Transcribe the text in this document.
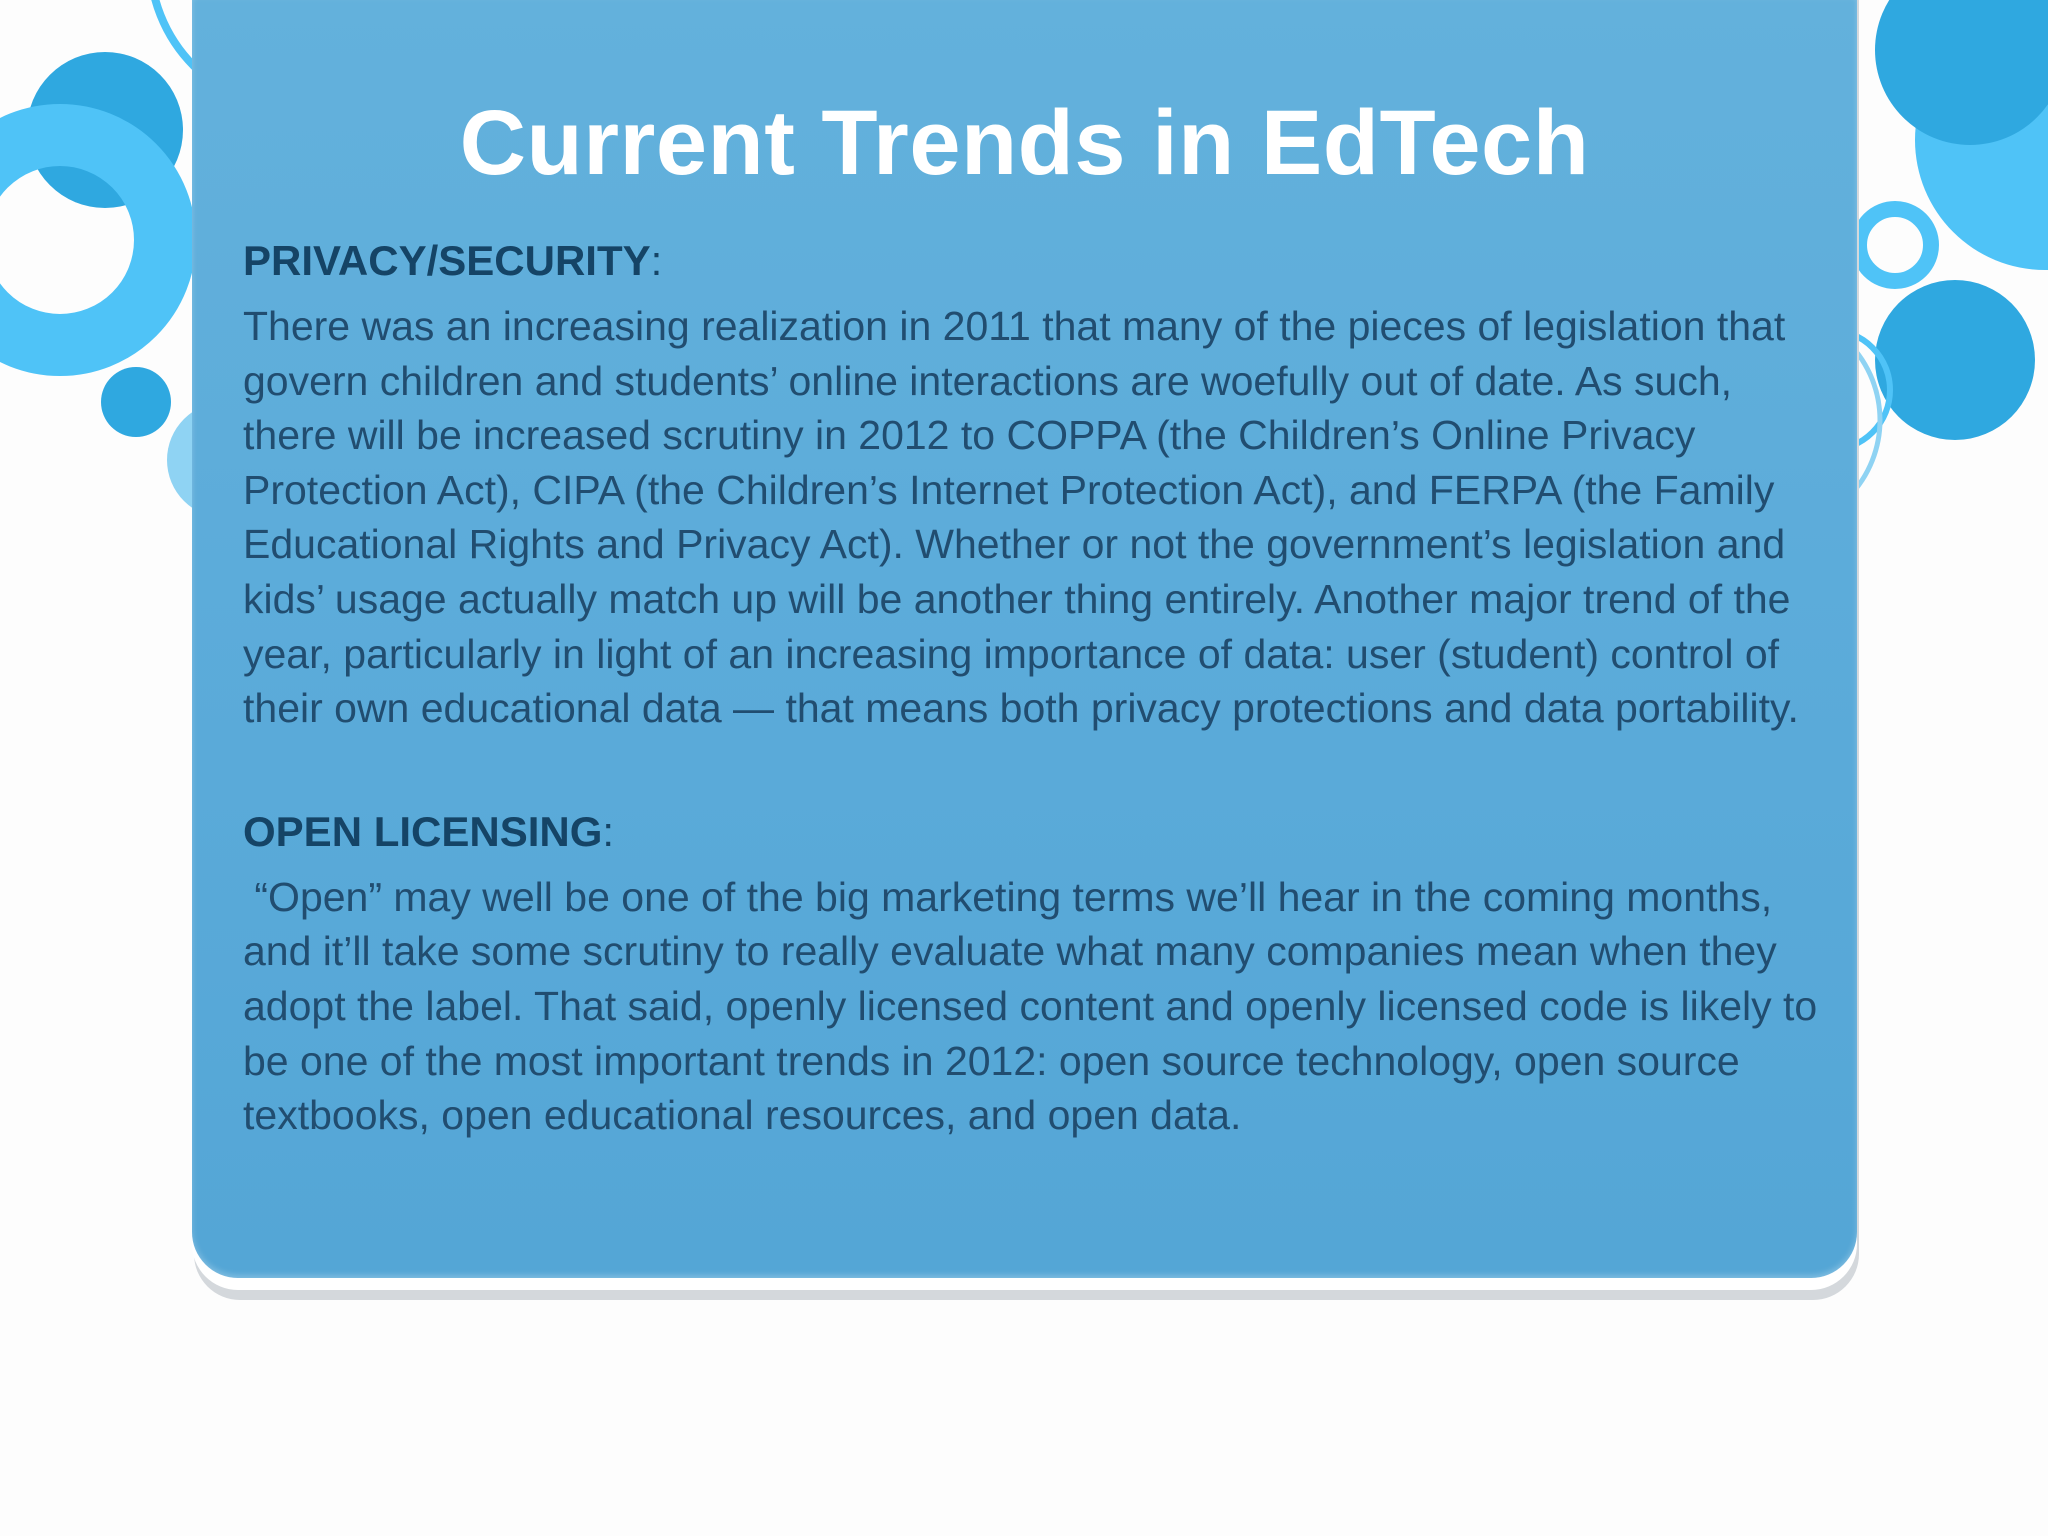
Current Trends in EdTech
PRIVACY/SECURITY:

There was an increasing realization in 2011 that many of the pieces of legislation that govern children and students’ online interactions are woefully out of date. As such, there will be increased scrutiny in 2012 to COPPA (the Children’s Online Privacy Protection Act), CIPA (the Children’s Internet Protection Act), and FERPA (the Family Educational Rights and Privacy Act). Whether or not the government’s legislation and kids’ usage actually match up will be another thing entirely. Another major trend of the year, particularly in light of an increasing importance of data: user (student) control of their own educational data — that means both privacy protections and data portability.

OPEN LICENSING:

“Open” may well be one of the big marketing terms we’ll hear in the coming months, and it’ll take some scrutiny to really evaluate what many companies mean when they adopt the label. That said, openly licensed content and openly licensed code is likely to be one of the most important trends in 2012: open source technology, open source textbooks, open educational resources, and open data.
